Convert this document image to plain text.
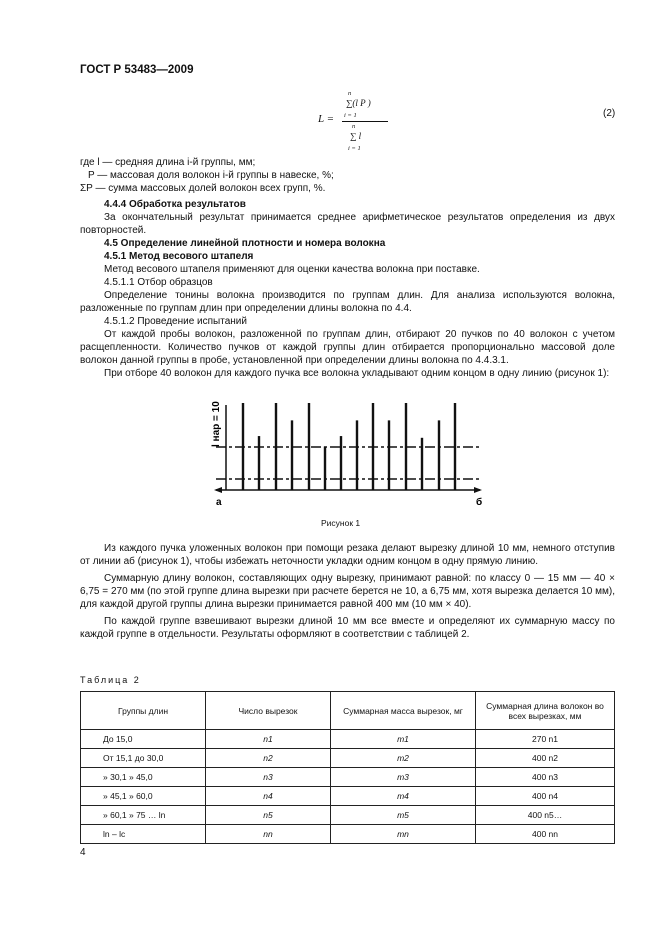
ГОСТ Р 53483—2009
L =
n
∑(l P )
i = 1
n
∑ l
i = 1
(2)
где l — средняя длина i-й группы, мм;
P — массовая доля волокон i-й группы в навеске, %;
ΣP — сумма массовых долей волокон всех групп, %.
4.4.4 Обработка результатов
За окончательный результат принимается среднее арифметическое результатов определения из двух повторностей.
4.5 Определение линейной плотности и номера волокна
4.5.1 Метод весового штапеля
Метод весового штапеля применяют для оценки качества волокна при поставке.
4.5.1.1 Отбор образцов
Определение тонины волокна производится по группам длин. Для анализа используются волокна, разложенные по группам длин при определении длины волокна по 4.4.
4.5.1.2 Проведение испытаний
От каждой пробы волокон, разложенной по группам длин, отбирают 20 пучков по 40 волокон с учетом расщепленности. Количество пучков от каждой группы длин отбирается пропорционально массовой доле волокон данной группы в пробе, установленной при определении длины волокна по 4.4.3.1.
При отборе 40 волокон для каждого пучка все волокна укладывают одним концом в одну линию (рисунок 1):
l нар = 10
а	б
Рисунок 1
Из каждого пучка уложенных волокон при помощи резака делают вырезку длиной 10 мм, немного отступив от линии аб (рисунок 1), чтобы избежать неточности укладки одним концом в одну прямую линию.
Суммарную длину волокон, составляющих одну вырезку, принимают равной: по классу 0 — 15 мм — 40 × 6,75 = 270 мм (по этой группе длина вырезки при расчете берется не 10, а 6,75 мм, хотя вырезка делается 10 мм), для каждой другой группы длина вырезки принимается равной 400 мм (10 мм × 40).
По каждой группе взвешивают вырезки длиной 10 мм все вместе и определяют их суммарную массу по каждой группе в отдельности. Результаты оформляют в соответствии с таблицей 2.
Таблица 2
Группы длин	Число вырезок	Суммарная масса вырезок, мг	Суммарная длина волокон во всех вырезках, мм
До 15,0	n1	m1	270 n1
От 15,1 до 30,0	n2	m2	400 n2
» 30,1 » 45,0	n3	m3	400 n3
» 45,1 » 60,0	n4	m4	400 n4
» 60,1 » 75 … ln	n5	m5	400 n5…
ln – lc	nn	mn	400 nn
4
